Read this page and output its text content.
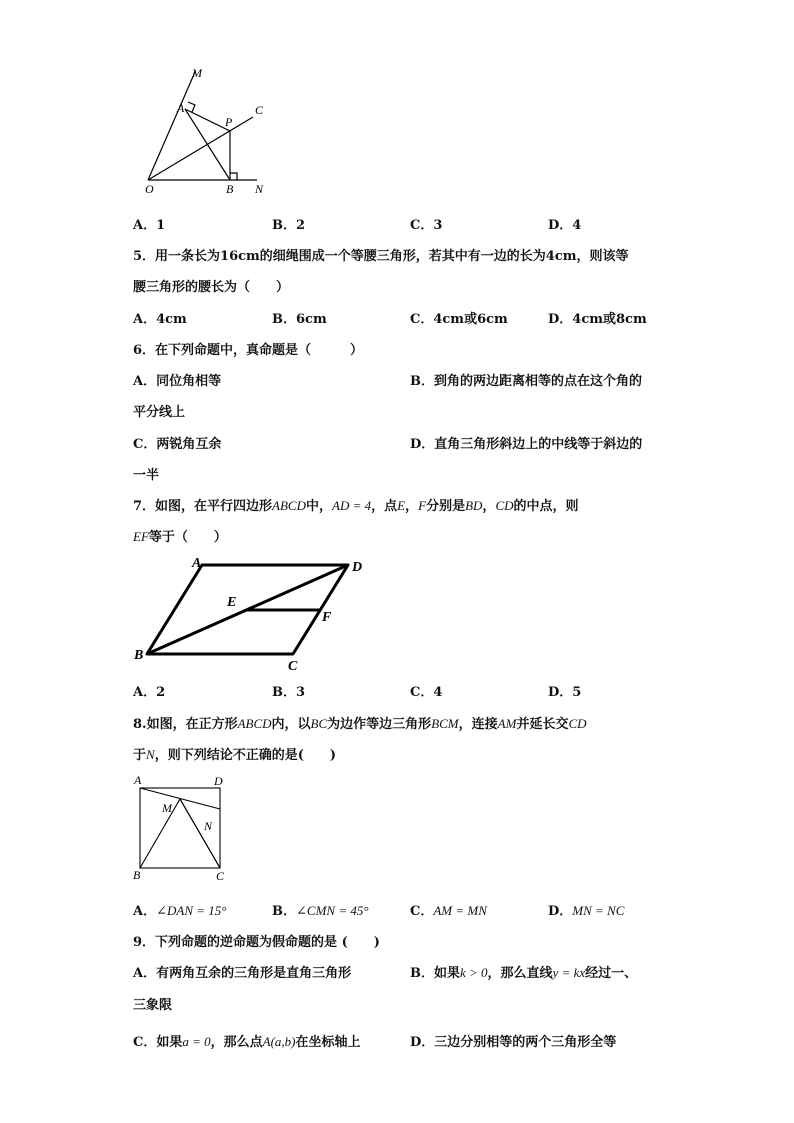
M
A
P
C
O	B N
A．1	B．2	C．3	D．4
5．用一条长为16cm的细绳围成一个等腰三角形，若其中有一边的长为4cm，则该等
腰三角形的腰长为（　　）
A．4cm	B．6cm	C．4cm或6cm	D．4cm或8cm
6．在下列命题中，真命题是（　　　）
A．同位角相等	B．到角的两边距离相等的点在这个角的
平分线上
C．两锐角互余	D．直角三角形斜边上的中线等于斜边的
一半
7．如图，在平行四边形ABCD中，AD = 4，点E，F分别是BD，CD的中点，则
EF等于（　　）
A	D
E
F
B
C
A．2	B．3	C．4	D．5
8.如图，在正方形ABCD内，以BC为边作等边三角形BCM，连接AM并延长交CD
于N，则下列结论不正确的是(　　)
A	D
M
N
B	C
A．∠DAN = 15°	B．∠CMN = 45°	C．AM = MN	D．MN = NC
9．下列命题的逆命题为假命题的是 (　　)
A．有两角互余的三角形是直角三角形	B．如果k > 0，那么直线y = kx经过一、
三象限
C．如果a = 0，那么点A(a,b)在坐标轴上	D．三边分别相等的两个三角形全等
